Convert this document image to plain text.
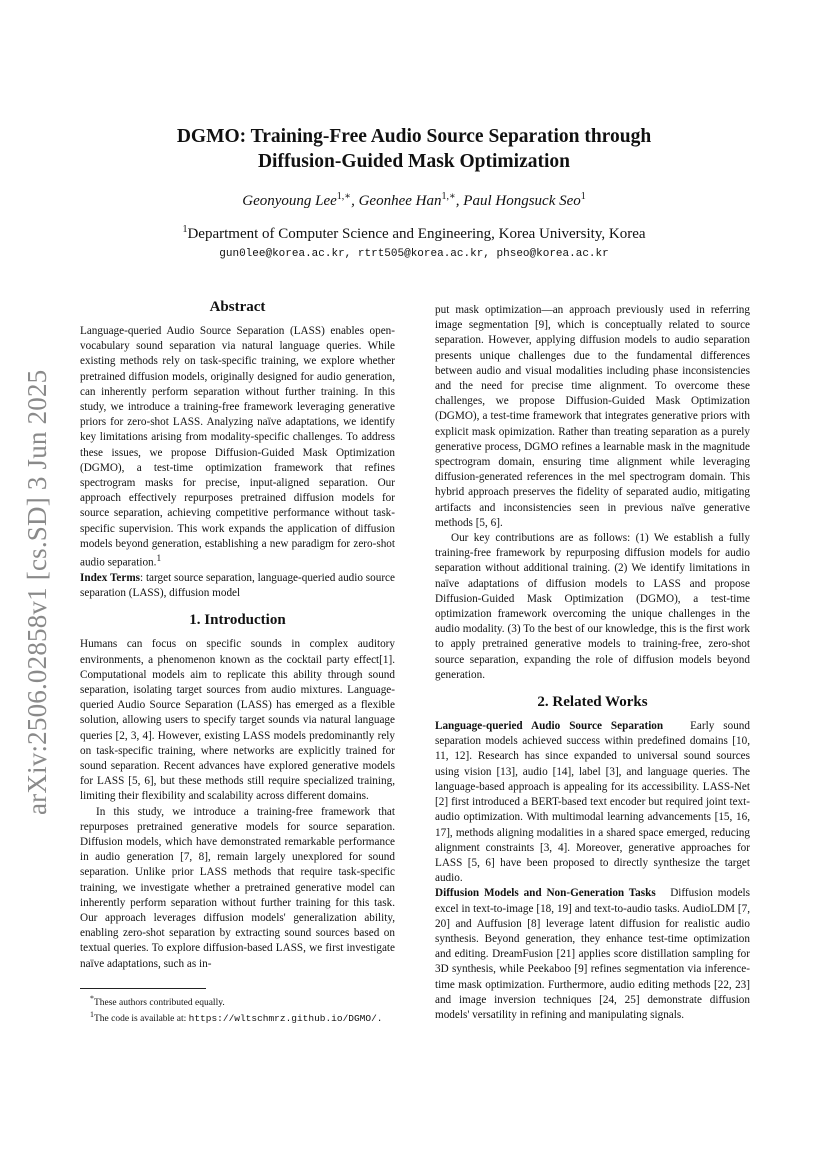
arXiv:2506.02858v1 [cs.SD] 3 Jun 2025
DGMO: Training-Free Audio Source Separation through
Diffusion-Guided Mask Optimization
Geonyoung Lee$^{1,∗}$, Geonhee Han$^{1,∗}$, Paul Hongsuck Seo$^1$
$^1$Department of Computer Science and Engineering, Korea University, Korea
gun0lee@korea.ac.kr, rtrt505@korea.ac.kr, phseo@korea.ac.kr
Abstract

Language-queried Audio Source Separation (LASS) enables open-vocabulary sound separation via natural language queries. While existing methods rely on task-specific training, we explore whether pretrained diffusion models, originally designed for audio generation, can inherently perform separation without further training. In this study, we introduce a training-free framework leveraging generative priors for zero-shot LASS. Analyzing naïve adaptations, we identify key limitations arising from modality-specific challenges. To address these issues, we propose Diffusion-Guided Mask Optimization (DGMO), a test-time optimization framework that refines spectrogram masks for precise, input-aligned separation. Our approach effectively repurposes pretrained diffusion models for source separation, achieving competitive performance without task-specific supervision. This work expands the application of diffusion models beyond generation, establishing a new paradigm for zero-shot audio separation.$^1$

Index Terms: target source separation, language-queried audio source separation (LASS), diffusion model

1. Introduction

Humans can focus on specific sounds in complex auditory environments, a phenomenon known as the cocktail party effect[1]. Computational models aim to replicate this ability through sound separation, isolating target sources from audio mixtures. Language-queried Audio Source Separation (LASS) has emerged as a flexible solution, allowing users to specify target sounds via natural language queries [2, 3, 4]. However, existing LASS models predominantly rely on task-specific training, where networks are explicitly trained for sound separation. Recent advances have explored generative models for LASS [5, 6], but these methods still require specialized training, limiting their flexibility and scalability across different domains.

In this study, we introduce a training-free framework that repurposes pretrained generative models for source separation. Diffusion models, which have demonstrated remarkable performance in audio generation [7, 8], remain largely unexplored for sound separation. Unlike prior LASS methods that require task-specific training, we investigate whether a pretrained generative model can inherently perform separation without further training for this task. Our approach leverages diffusion models' generalization ability, enabling zero-shot separation by extracting sound sources based on textual queries. To explore diffusion-based LASS, we first investigate naïve adaptations, such as in-

*These authors contributed equally.
$^1$The code is available at: https://wltschmrz.github.io/DGMO/.

put mask optimization—an approach previously used in referring image segmentation [9], which is conceptually related to source separation. However, applying diffusion models to audio separation presents unique challenges due to the fundamental differences between audio and visual modalities including phase inconsistencies and the need for precise time alignment. To overcome these challenges, we propose Diffusion-Guided Mask Optimization (DGMO), a test-time framework that integrates generative priors with explicit mask opimization. Rather than treating separation as a purely generative process, DGMO refines a learnable mask in the magnitude spectrogram domain, ensuring time alignment while leveraging diffusion-generated references in the mel spectrogram domain. This hybrid approach preserves the fidelity of separated audio, mitigating artifacts and inconsistencies seen in previous naïve generative methods [5, 6].

Our key contributions are as follows: (1) We establish a fully training-free framework by repurposing diffusion models for audio separation without additional training. (2) We identify limitations in naïve adaptations of diffusion models to LASS and propose Diffusion-Guided Mask Optimization (DGMO), a test-time optimization framework overcoming the unique challenges in the audio modality. (3) To the best of our knowledge, this is the first work to apply pretrained generative models to training-free, zero-shot source separation, expanding the role of diffusion models beyond generation.

2. Related Works

Language-queried Audio Source Separation Early sound separation models achieved success within predefined domains [10, 11, 12]. Research has since expanded to universal sound sources using vision [13], audio [14], label [3], and language queries. The language-based approach is appealing for its accessibility. LASS-Net [2] first introduced a BERT-based text encoder but required joint text-audio optimization. With multimodal learning advancements [15, 16, 17], methods aligning modalities in a shared space emerged, reducing alignment constraints [3, 4]. Moreover, generative approaches for LASS [5, 6] have been proposed to directly synthesize the target audio.

Diffusion Models and Non-Generation Tasks Diffusion models excel in text-to-image [18, 19] and text-to-audio tasks. AudioLDM [7, 20] and Auffusion [8] leverage latent diffusion for realistic audio synthesis. Beyond generation, they enhance test-time optimization and editing. DreamFusion [21] applies score distillation sampling for 3D synthesis, while Peekaboo [9] refines segmentation via inference-time mask optimization. Furthermore, audio editing methods [22, 23] and image inversion techniques [24, 25] demonstrate diffusion models' versatility in refining and manipulating signals.
